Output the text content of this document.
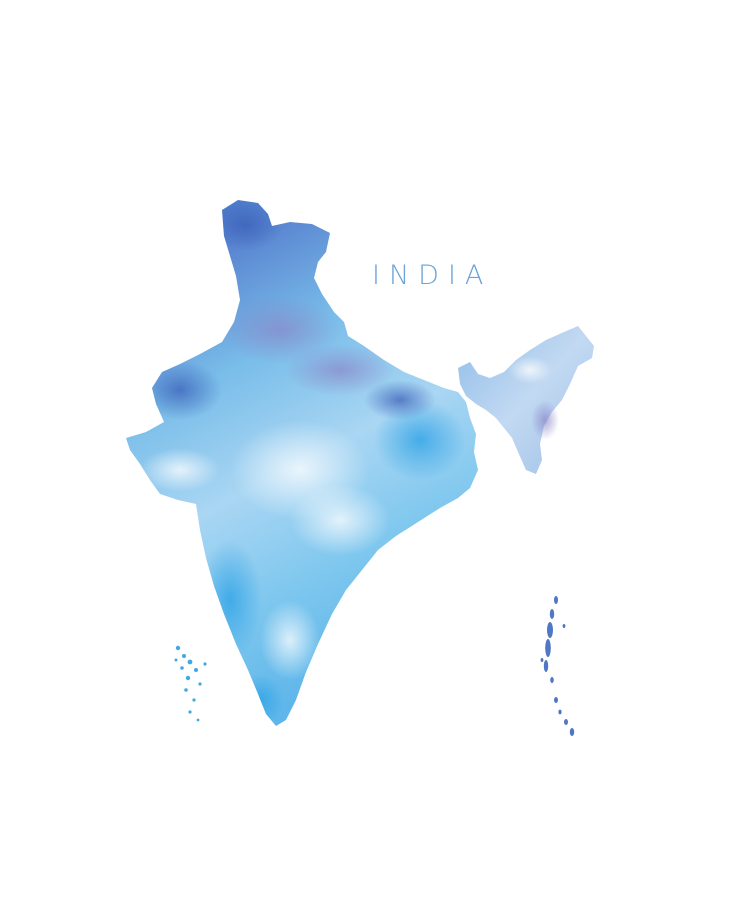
INDIA
